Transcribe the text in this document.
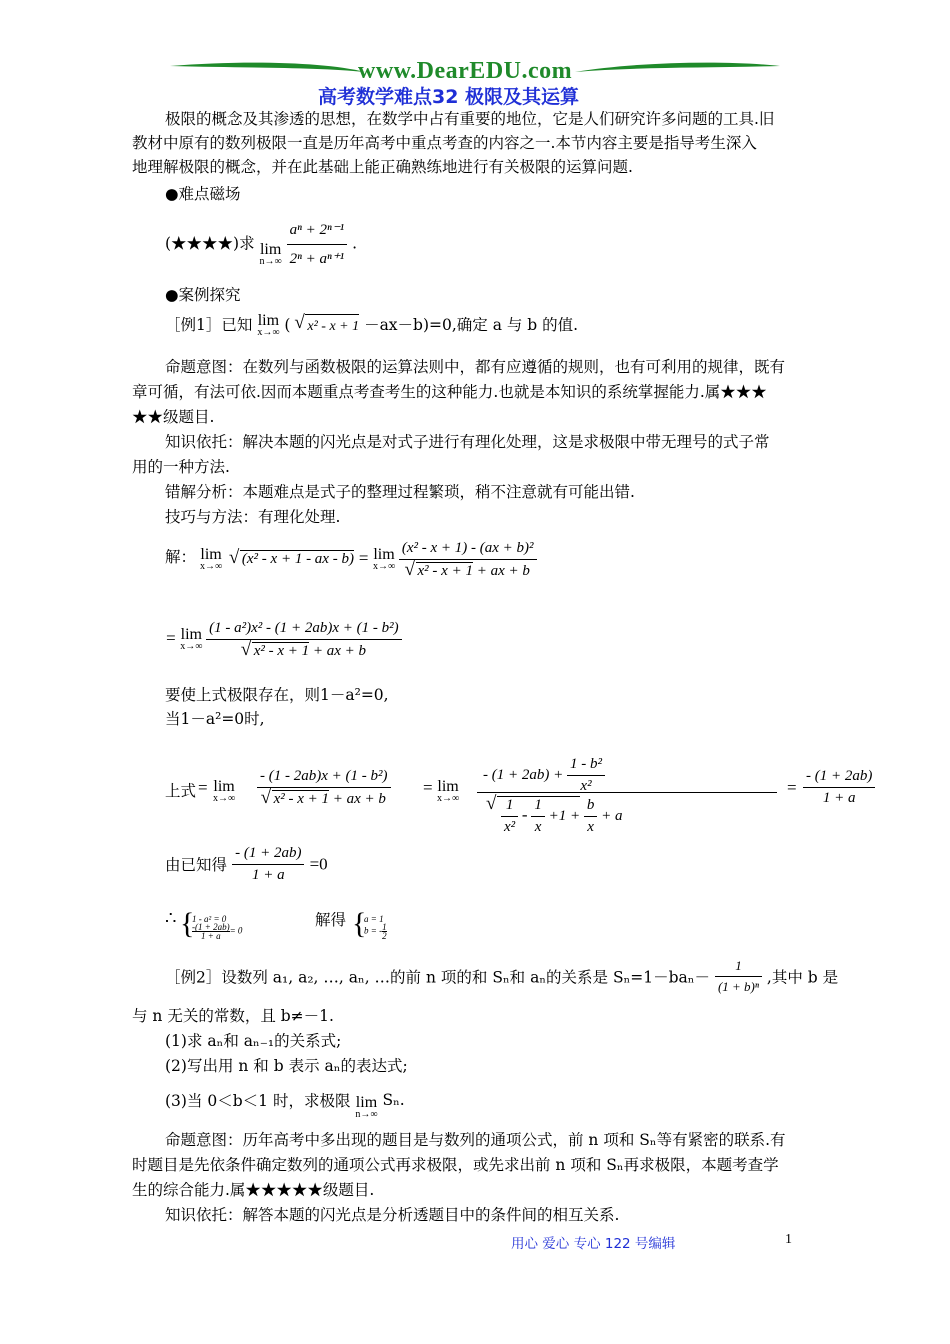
www.DearEDU.com
高考数学难点32 极限及其运算
极限的概念及其渗透的思想，在数学中占有重要的地位，它是人们研究许多问题的工具.旧
教材中原有的数列极限一直是历年高考中重点考查的内容之一.本节内容主要是指导考生深入
地理解极限的概念，并在此基础上能正确熟练地进行有关极限的运算问题.
●难点磁场
(★★★★)求 lim
n→∞
$\frac{\text{aⁿ + 2ⁿ⁻¹}}{\text{2ⁿ + aⁿ⁺¹}}$ .
●案例探究
［例1］已知 lim
x→∞ ( √ x² - x + 1 －ax－b)=0,确定 a 与 b 的值.
命题意图：在数列与函数极限的运算法则中，都有应遵循的规则，也有可利用的规律，既有
章可循，有法可依.因而本题重点考查考生的这种能力.也就是本知识的系统掌握能力.属★★★
★★级题目.
知识依托：解决本题的闪光点是对式子进行有理化处理，这是求极限中带无理号的式子常
用的一种方法.
错解分析：本题难点是式子的整理过程繁琐，稍不注意就有可能出错.
技巧与方法：有理化处理.
解： lim
x→∞ √ (x² - x + 1 - ax - b) = lim
x→∞
(x² - x + 1) - (ax + b)²
√ x² - x + 1 + ax + b
= lim
x→∞
(1 - a²)x² - (1 + 2ab)x + (1 - b²)
√ x² - x + 1 + ax + b
要使上式极限存在，则1－a²=0,
当1－a²=0时,
上式 = lim
x→∞ - (1 - 2ab)x + (1 - b²)
√ x² - x + 1 + ax + b = lim
x→∞
- $(1 + 2ab) + \frac{\text{1 - b²}}{\text{x²}}$
√ $\frac{1}{\text{x²}} - \frac{1}{x} +1 + \frac{b}{x} + a$
= $\frac{- (1 + 2ab)}{1 + a}$
由已知得 $\frac{- (1 + 2ab)}{1 + a} =0$
∴ {
1 - a² = 0
$\frac{-(1 + 2ab)}{1 + a} = 0$
解得 {
a = 1
b = - $\frac{1}{2}$
［例2］设数列 a₁, a₂, …, aₙ, …的前 n 项的和 Sₙ和 aₙ的关系是 $S_n=1-ba_n- \frac{1}{\text{(1 + b)ⁿ}}$ ,其中 b 是
与 n 无关的常数，且 b≠－1.
(1)求 aₙ和 aₙ₋₁的关系式;
(2)写出用 n 和 b 表示 aₙ的表达式;
(3)当 0＜b＜1 时，求极限 lim
n→∞
Sₙ.
命题意图：历年高考中多出现的题目是与数列的通项公式，前 n 项和 Sₙ等有紧密的联系.有
时题目是先依条件确定数列的通项公式再求极限，或先求出前 n 项和 Sₙ再求极限，本题考查学
生的综合能力.属★★★★★级题目.
知识依托：解答本题的闪光点是分析透题目中的条件间的相互关系.
用心 爱心 专心 122 号编辑	1
